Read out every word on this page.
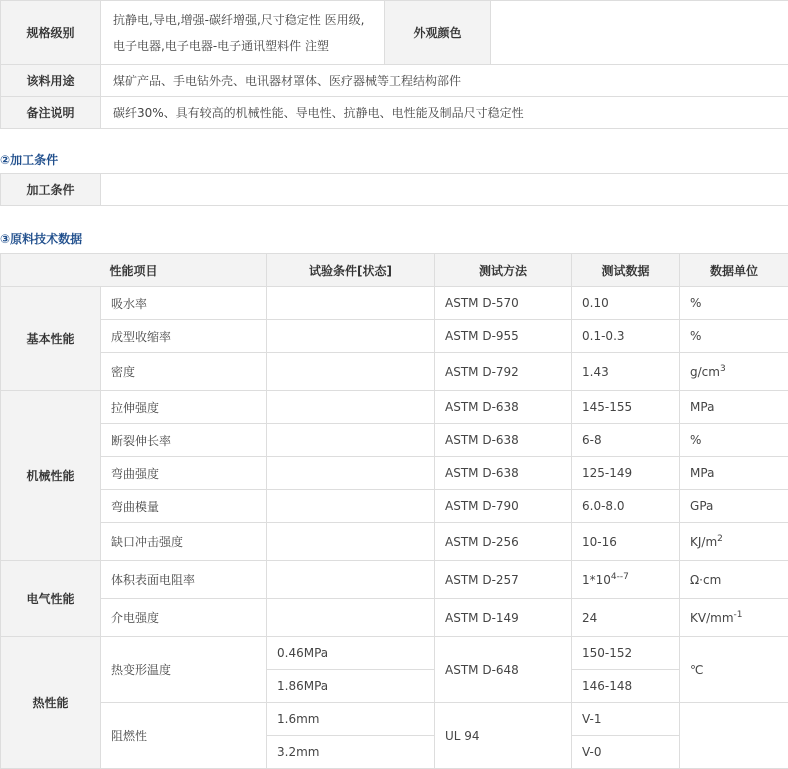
规格级别	抗静电,导电,增强-碳纤增强,尺寸稳定性 医用级,电子电器,电子电器-电子通讯塑料件 注塑	外观颜色	
该料用途	煤矿产品、手电钻外壳、电讯器材罩体、医疗器械等工程结构部件		
备注说明	碳纤30%、具有较高的机械性能、导电性、抗静电、电性能及制品尺寸稳定性		
②加工条件
加工条件	
③原料技术数据
性能项目		试验条件[状态]	测试方法	测试数据	数据单位
基本性能	吸水率		ASTM D-570	0.10	%
	成型收缩率		ASTM D-955	0.1-0.3	%
	密度		ASTM D-792	1.43	$g/cm^3$
机械性能	拉伸强度		ASTM D-638	145-155	MPa
	断裂伸长率		ASTM D-638	6-8	%
	弯曲强度		ASTM D-638	125-149	MPa
	弯曲模量		ASTM D-790	6.0-8.0	GPa
	缺口冲击强度		ASTM D-256	10-16	$KJ/m^2$
电气性能	体积表面电阻率		ASTM D-257	$1*10^{4--7}$	Ω·cm
	介电强度		ASTM D-149	24	$KV/mm^{-1}$
热性能	热变形温度	0.46MPa	ASTM D-648	150-152	℃
		1.86MPa		146-148	
	阻燃性	1.6mm	UL 94	V-1	
		3.2mm		V-0	
